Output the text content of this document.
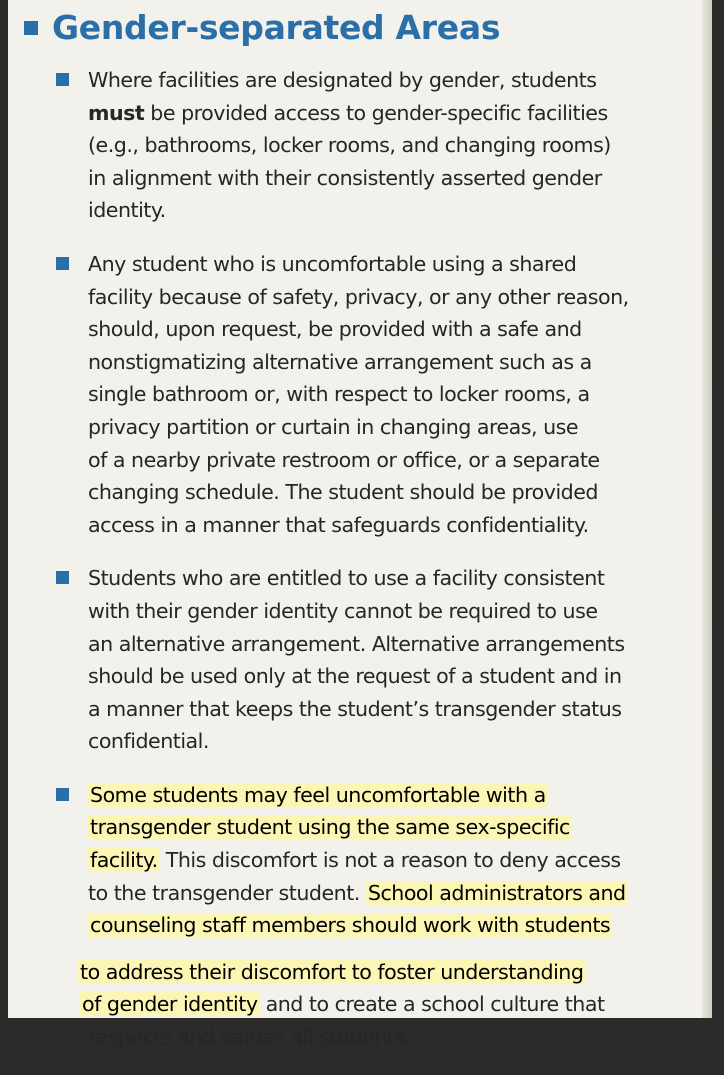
Gender-separated Areas
Where facilities are designated by gender, students
must be provided access to gender-specific facilities
(e.g., bathrooms, locker rooms, and changing rooms)
in alignment with their consistently asserted gender
identity.
Any student who is uncomfortable using a shared
facility because of safety, privacy, or any other reason,
should, upon request, be provided with a safe and
nonstigmatizing alternative arrangement such as a
single bathroom or, with respect to locker rooms, a
privacy partition or curtain in changing areas, use
of a nearby private restroom or office, or a separate
changing schedule. The student should be provided
access in a manner that safeguards confidentiality.
Students who are entitled to use a facility consistent
with their gender identity cannot be required to use
an alternative arrangement. Alternative arrangements
should be used only at the request of a student and in
a manner that keeps the student’s transgender status
confidential.
Some students may feel uncomfortable with a
transgender student using the same sex-specific
facility. This discomfort is not a reason to deny access
to the transgender student. School administrators and
counseling staff members should work with students
to address their discomfort to foster understanding
of gender identity and to create a school culture that
respects and values all students.
